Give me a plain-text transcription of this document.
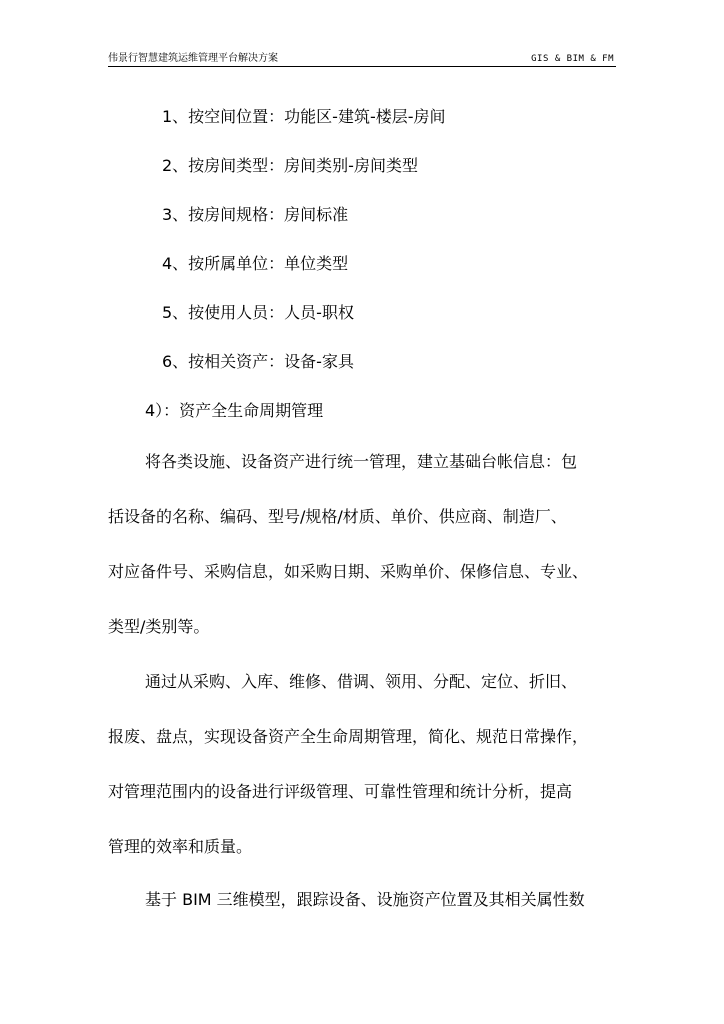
伟景行智慧建筑运维管理平台解决方案	GIS & BIM & FM
1、按空间位置：功能区-建筑-楼层-房间
2、按房间类型：房间类别-房间类型
3、按房间规格：房间标准
4、按所属单位：单位类型
5、按使用人员：人员-职权
6、按相关资产：设备-家具
4）：资产全生命周期管理
将各类设施、设备资产进行统一管理，建立基础台帐信息：包
括设备的名称、编码、型号/规格/材质、单价、供应商、制造厂、
对应备件号、采购信息，如采购日期、采购单价、保修信息、专业、
类型/类别等。
通过从采购、入库、维修、借调、领用、分配、定位、折旧、
报废、盘点，实现设备资产全生命周期管理，简化、规范日常操作，
对管理范围内的设备进行评级管理、可靠性管理和统计分析，提高
管理的效率和质量。
基于 BIM 三维模型，跟踪设备、设施资产位置及其相关属性数
